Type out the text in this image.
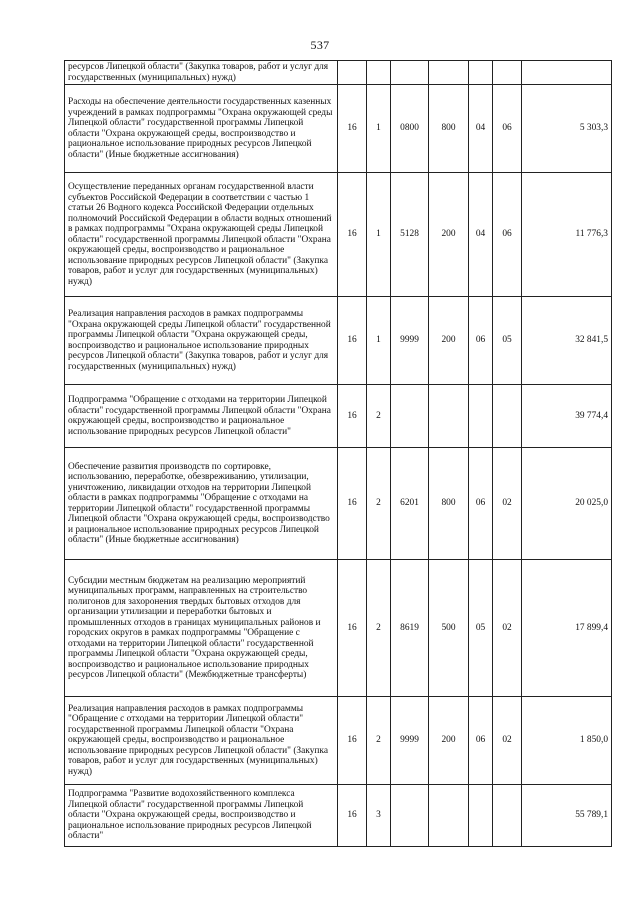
537
ресурсов Липецкой области" (Закупка товаров, работ и услуг для государственных (муниципальных) нужд)							
Расходы на обеспечение деятельности государственных казенных учреждений в рамках подпрограммы "Охрана окружающей среды Липецкой области" государственной программы Липецкой области "Охрана окружающей среды, воспроизводство и рациональное использование природных ресурсов Липецкой области" (Иные бюджетные ассигнования)	16	1	0800	800	04	06	5 303,3
Осуществление переданных органам государственной власти субъектов Российской Федерации в соответствии с частью 1 статьи 26 Водного кодекса Российской Федерации отдельных полномочий Российской Федерации в области водных отношений в рамках подпрограммы "Охрана окружающей среды Липецкой области" государственной программы Липецкой области "Охрана окружающей среды, воспроизводство и рациональное использование природных ресурсов Липецкой области" (Закупка товаров, работ и услуг для государственных (муниципальных) нужд)	16	1	5128	200	04	06	11 776,3
Реализация направления расходов в рамках подпрограммы "Охрана окружающей среды Липецкой области" государственной программы Липецкой области "Охрана окружающей среды, воспроизводство и рациональное использование природных ресурсов Липецкой области" (Закупка товаров, работ и услуг для государственных (муниципальных) нужд)	16	1	9999	200	06	05	32 841,5
Подпрограмма "Обращение с отходами на территории Липецкой области" государственной программы Липецкой области "Охрана окружающей среды, воспроизводство и рациональное использование природных ресурсов Липецкой области"	16	2					39 774,4
Обеспечение развития производств по сортировке, использованию, переработке, обезвреживанию, утилизации, уничтожению, ликвидации отходов на территории Липецкой области в рамках подпрограммы "Обращение с отходами на территории Липецкой области" государственной программы Липецкой области "Охрана окружающей среды, воспроизводство и рациональное использование природных ресурсов Липецкой области" (Иные бюджетные ассигнования)	16	2	6201	800	06	02	20 025,0
Субсидии местным бюджетам на реализацию мероприятий муниципальных программ, направленных на строительство полигонов для захоронения твердых бытовых отходов для организации утилизации и переработки бытовых и промышленных отходов в границах муниципальных районов и городских округов в рамках подпрограммы "Обращение с отходами на территории Липецкой области" государственной программы Липецкой области "Охрана окружающей среды, воспроизводство и рациональное использование природных ресурсов Липецкой области" (Межбюджетные трансферты)	16	2	8619	500	05	02	17 899,4
Реализация направления расходов в рамках подпрограммы "Обращение с отходами на территории Липецкой области" государственной программы Липецкой области "Охрана окружающей среды, воспроизводство и рациональное использование природных ресурсов Липецкой области" (Закупка товаров, работ и услуг для государственных (муниципальных) нужд)	16	2	9999	200	06	02	1 850,0
Подпрограмма "Развитие водохозяйственного комплекса Липецкой области" государственной программы Липецкой области "Охрана окружающей среды, воспроизводство и рациональное использование природных ресурсов Липецкой области"	16	3					55 789,1
